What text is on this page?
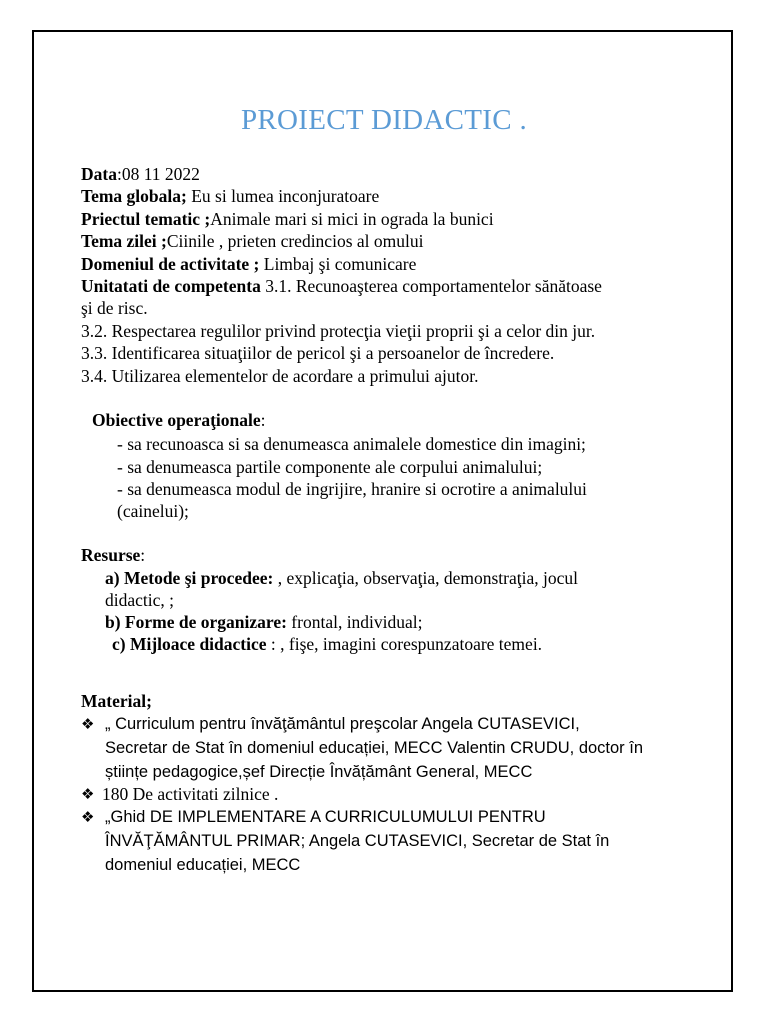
PROIECT DIDACTIC .
Data:08 11 2022
Tema globala; Eu si lumea inconjuratoare
Priectul tematic ;Animale mari si mici in ograda la bunici
Tema zilei ;Ciinile , prieten credincios al omului
Domeniul de activitate ; Limbaj şi comunicare
Unitatati de competenta 3.1. Recunoaşterea comportamentelor sănătoase
şi de risc.
3.2. Respectarea regulilor privind protecţia vieţii proprii şi a celor din jur.
3.3. Identificarea situaţiilor de pericol şi a persoanelor de încredere.
3.4. Utilizarea elementelor de acordare a primului ajutor.
Obiective operaţionale:
- sa recunoasca si sa denumeasca animalele domestice din imagini;
- sa denumeasca partile componente ale corpului animalului;
- sa denumeasca modul de ingrijire, hranire si ocrotire a animalului
(cainelui);
Resurse:
a) Metode şi procedee: , explicaţia, observaţia, demonstraţia, jocul
didactic, ;
b) Forme de organizare: frontal, individual;
c) Mijloace didactice : , fişe, imagini corespunzatoare temei.
Material;
❖ „ Curriculum pentru învăţământul preşcolar Angela CUTASEVICI,
Secretar de Stat în domeniul educației, MECC Valentin CRUDU, doctor în
științe pedagogice,șef Direcție Învățământ General, MECC
❖ 180 De activitati zilnice .
❖ „Ghid DE IMPLEMENTARE A CURRICULUMULUI PENTRU
ÎNVĂŢĂMÂNTUL PRIMAR; Angela CUTASEVICI, Secretar de Stat în
domeniul educației, MECC
